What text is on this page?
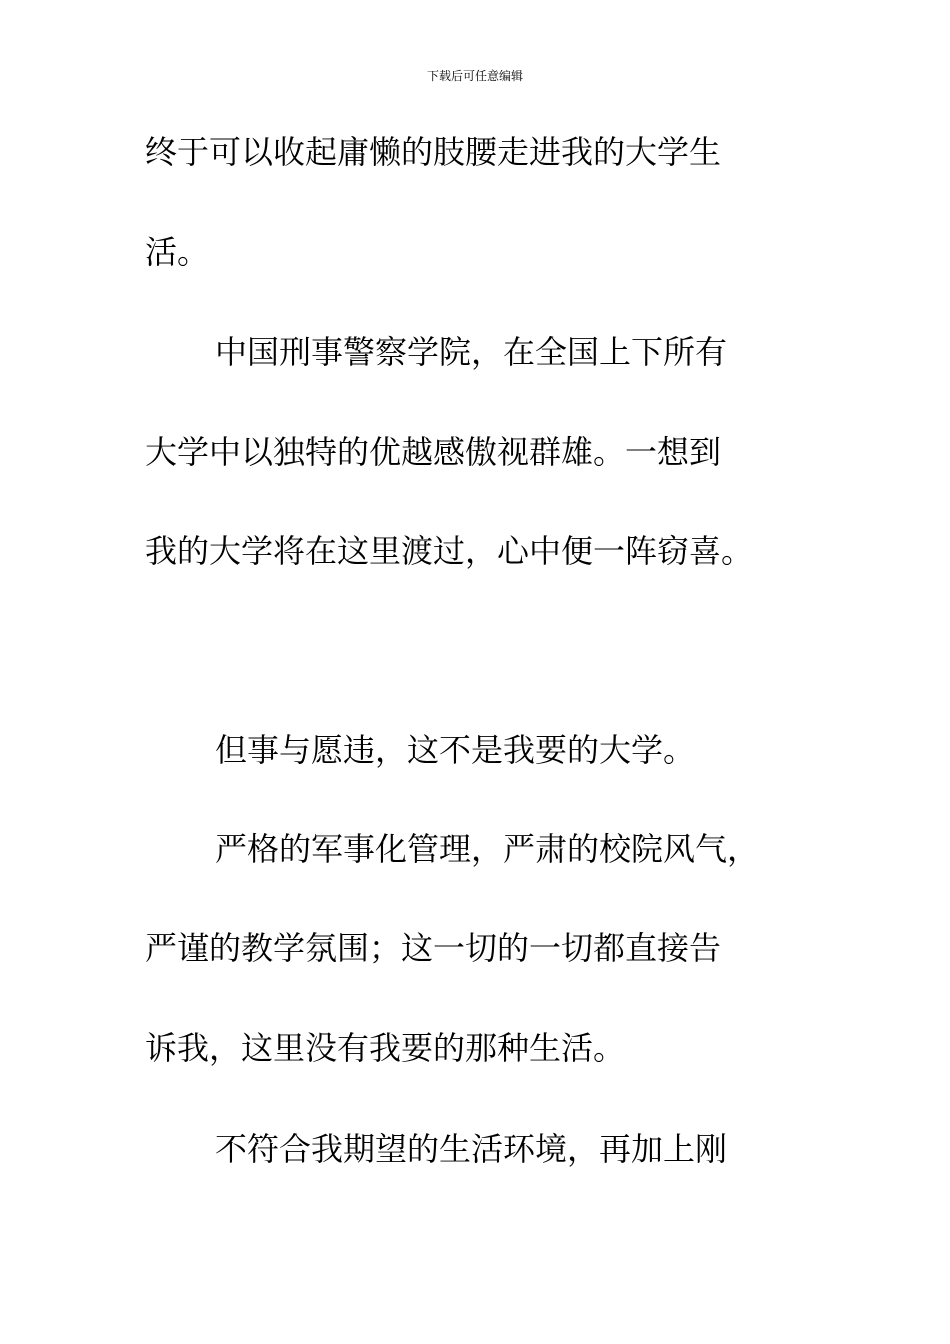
下载后可任意编辑
终于可以收起庸懒的肢腰走进我的大学生
活。
中国刑事警察学院，在全国上下所有
大学中以独特的优越感傲视群雄。一想到
我的大学将在这里渡过，心中便一阵窃喜。
但事与愿违，这不是我要的大学。
严格的军事化管理，严肃的校院风气，
严谨的教学氛围；这一切的一切都直接告
诉我，这里没有我要的那种生活。
不符合我期望的生活环境，再加上刚
